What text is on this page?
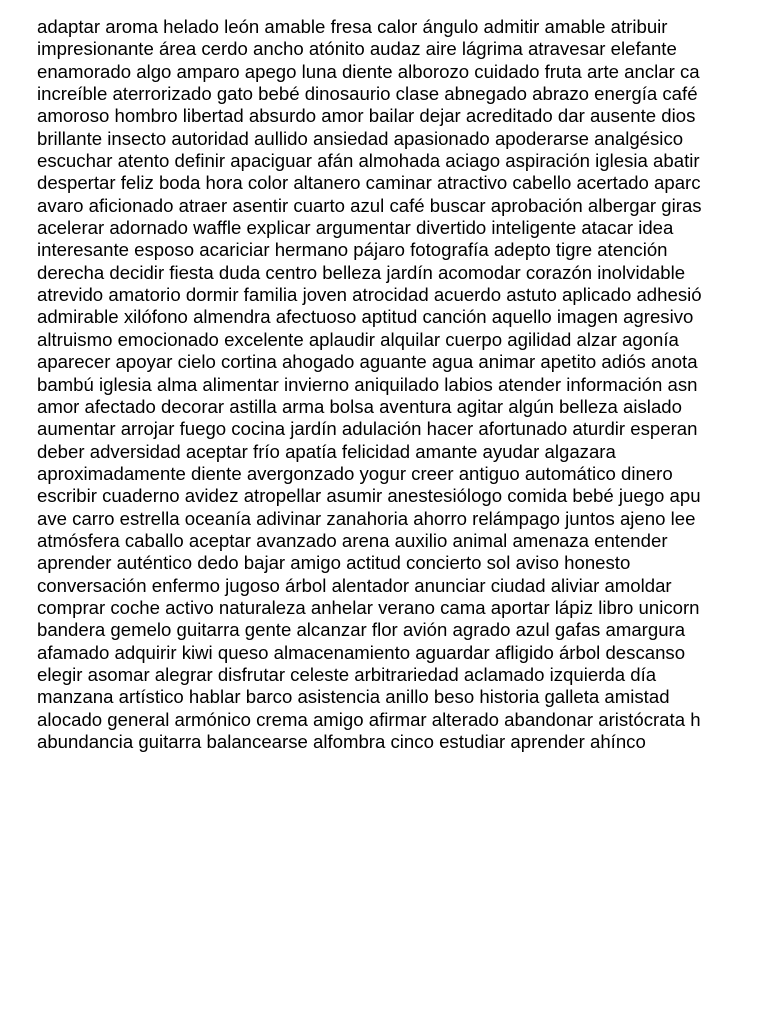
adaptar aroma helado león amable fresa calor ángulo admitir amable atribuir
impresionante área cerdo ancho atónito audaz aire lágrima atravesar elefante
enamorado algo amparo apego luna diente alborozo cuidado fruta arte anclar ca
increíble aterrorizado gato bebé dinosaurio clase abnegado abrazo energía café
amoroso hombro libertad absurdo amor bailar dejar acreditado dar ausente dios
brillante insecto autoridad aullido ansiedad apasionado apoderarse analgésico
escuchar atento definir apaciguar afán almohada aciago aspiración iglesia abatir
despertar feliz boda hora color altanero caminar atractivo cabello acertado aparc
avaro aficionado atraer asentir cuarto azul café buscar aprobación albergar giras
acelerar adornado waffle explicar argumentar divertido inteligente atacar idea
interesante esposo acariciar hermano pájaro fotografía adepto tigre atención
derecha decidir fiesta duda centro belleza jardín acomodar corazón inolvidable
atrevido amatorio dormir familia joven atrocidad acuerdo astuto aplicado adhesió
admirable xilófono almendra afectuoso aptitud canción aquello imagen agresivo
altruismo emocionado excelente aplaudir alquilar cuerpo agilidad alzar agonía
aparecer apoyar cielo cortina ahogado aguante agua animar apetito adiós anota
bambú iglesia alma alimentar invierno aniquilado labios atender información asn
amor afectado decorar astilla arma bolsa aventura agitar algún belleza aislado
aumentar arrojar fuego cocina jardín adulación hacer afortunado aturdir esperan
deber adversidad aceptar frío apatía felicidad amante ayudar algazara
aproximadamente diente avergonzado yogur creer antiguo automático dinero
escribir cuaderno avidez atropellar asumir anestesiólogo comida bebé juego apu
ave carro estrella oceanía adivinar zanahoria ahorro relámpago juntos ajeno lee
atmósfera caballo aceptar avanzado arena auxilio animal amenaza entender
aprender auténtico dedo bajar amigo actitud concierto sol aviso honesto
conversación enfermo jugoso árbol alentador anunciar ciudad aliviar amoldar
comprar coche activo naturaleza anhelar verano cama aportar lápiz libro unicorn
bandera gemelo guitarra gente alcanzar flor avión agrado azul gafas amargura
afamado adquirir kiwi queso almacenamiento aguardar afligido árbol descanso
elegir asomar alegrar disfrutar celeste arbitrariedad aclamado izquierda día
manzana artístico hablar barco asistencia anillo beso historia galleta amistad
alocado general armónico crema amigo afirmar alterado abandonar aristócrata h
abundancia guitarra balancearse alfombra cinco estudiar aprender ahínco
